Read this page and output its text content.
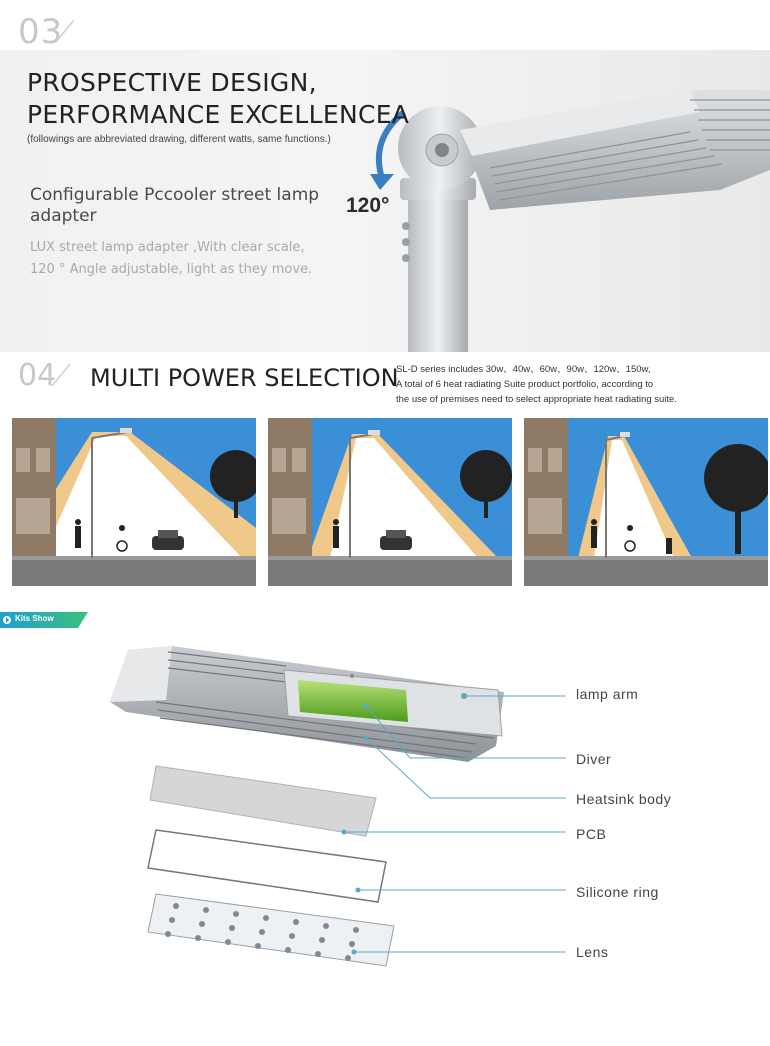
03
PROSPECTIVE DESIGN, PERFORMANCE EXCELLENCEA
(followings are abbreviated drawing, different watts, same functions.)
Configurable Pccooler street lamp adapter
LUX street lamp adapter ,With clear scale,
120 ° Angle adjustable, light as they move.
120°
04 MULTI POWER SELECTION
SL-D series includes 30w、40w、60w、90w、120w、150w,
A total of 6 heat radiating Suite product portfolio, according to
the use of premises need to select appropriate heat radiating suite.
Kits Show
lamp arm
Diver
Heatsink body
PCB
Silicone ring
Lens
